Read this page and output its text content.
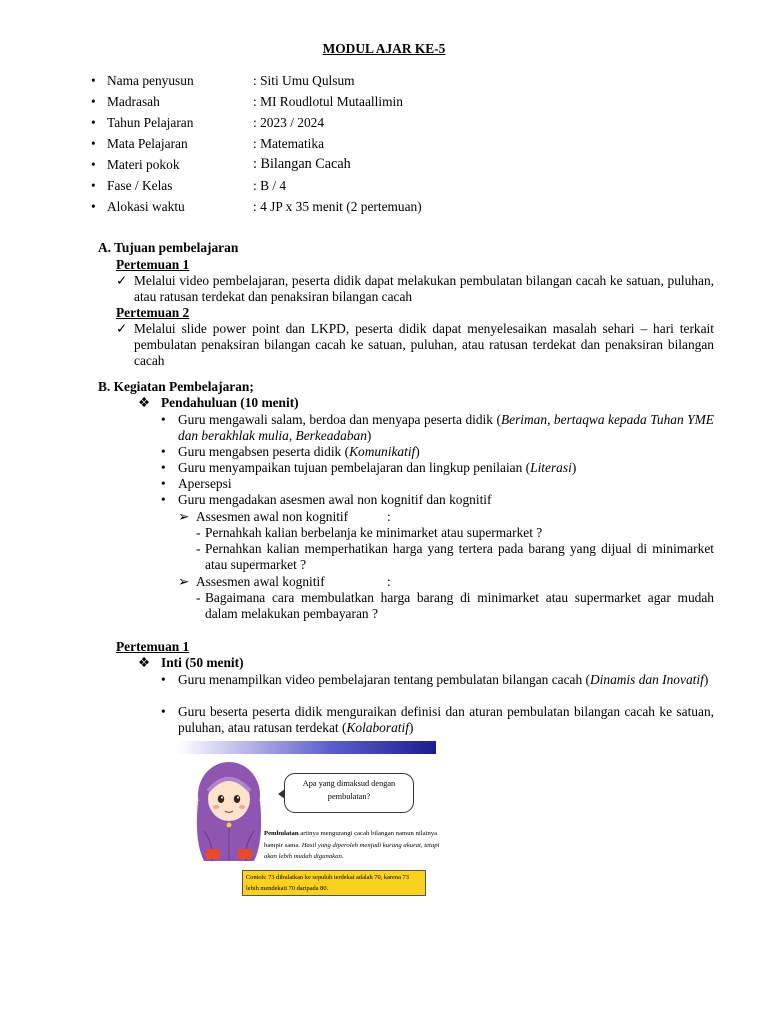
MODUL AJAR KE-5
• Nama penyusun	: Siti Umu Qulsum
• Madrasah	: MI Roudlotul Mutaallimin
• Tahun Pelajaran	: 2023 / 2024
• Mata Pelajaran	: Matematika
• Materi pokok	: Bilangan Cacah
• Fase / Kelas	: B / 4
• Alokasi waktu	: 4 JP x 35 menit (2 pertemuan)
A. Tujuan pembelajaran
Pertemuan 1
✓ Melalui video pembelajaran, peserta didik dapat melakukan pembulatan bilangan cacah ke satuan, puluhan, atau ratusan terdekat dan penaksiran bilangan cacah
Pertemuan 2
✓ Melalui slide power point dan LKPD, peserta didik dapat menyelesaikan masalah sehari – hari terkait pembulatan penaksiran bilangan cacah ke satuan, puluhan, atau ratusan terdekat dan penaksiran bilangan cacah
B. Kegiatan Pembelajaran;
❖ Pendahuluan (10 menit)
• Guru mengawali salam, berdoa dan menyapa peserta didik (Beriman, bertaqwa kepada Tuhan YME dan berakhlak mulia, Berkeadaban)
• Guru mengabsen peserta didik (Komunikatif)
• Guru menyampaikan tujuan pembelajaran dan lingkup penilaian (Literasi)
• Apersepsi
• Guru mengadakan asesmen awal non kognitif dan kognitif
➢ Assesmen awal non kognitif	:
- Pernahkah kalian berbelanja ke minimarket atau supermarket ?
- Pernahkan kalian memperhatikan harga yang tertera pada barang yang dijual di minimarket atau supermarket ?
➢ Assesmen awal kognitif	:
- Bagaimana cara membulatkan harga barang di minimarket atau supermarket agar mudah dalam melakukan pembayaran ?
Pertemuan 1
❖ Inti (50 menit)
• Guru menampilkan video pembelajaran tentang pembulatan bilangan cacah (Dinamis dan Inovatif)
• Guru beserta peserta didik menguraikan definisi dan aturan pembulatan bilangan cacah ke satuan, puluhan, atau ratusan terdekat (Kolaboratif)
Apa yang dimaksud dengan pembulatan?
Pembulatan artinya mengurangi cacah bilangan namun nilainya hampir sama. Hasil yang diperoleh menjadi kurang akurat, tetapi akan lebih mudah digunakan.
Contoh: 73 dibulatkan ke sepuluh terdekat adalah 70, karena 73 lebih mendekati 70 daripada 80.
